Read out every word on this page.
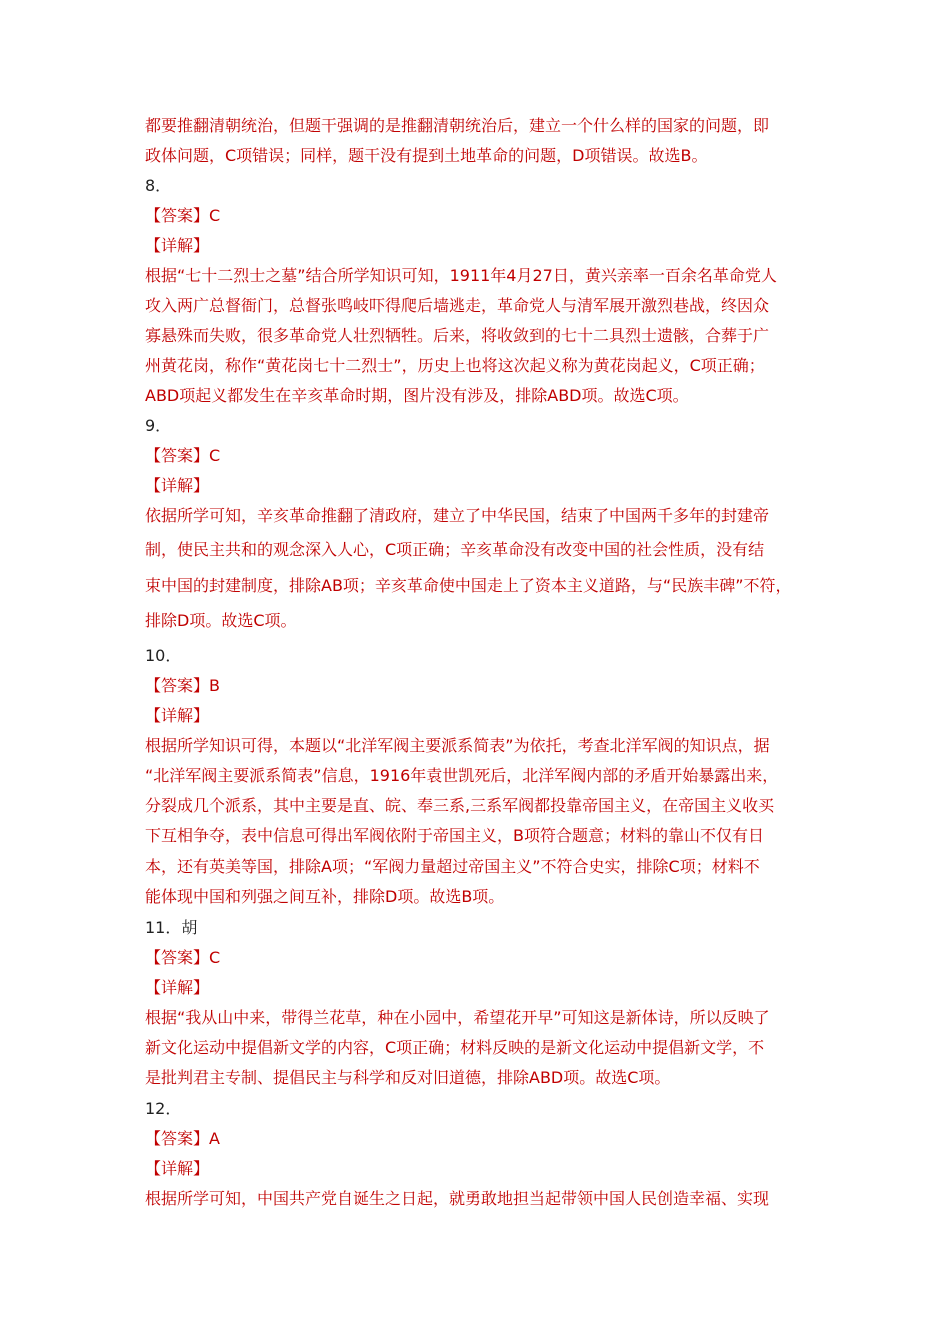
都要推翻清朝统治，但题干强调的是推翻清朝统治后，建立一个什么样的国家的问题，即
政体问题，C项错误；同样，题干没有提到土地革命的问题，D项错误。故选B。
8．
【答案】C
【详解】
根据“七十二烈士之墓”结合所学知识可知，1911年4月27日，黄兴亲率一百余名革命党人
攻入两广总督衙门，总督张鸣岐吓得爬后墙逃走，革命党人与清军展开激烈巷战，终因众
寡悬殊而失败，很多革命党人壮烈牺牲。后来，将收敛到的七十二具烈士遗骸，合葬于广
州黄花岗，称作“黄花岗七十二烈士”，历史上也将这次起义称为黄花岗起义，C项正确；
ABD项起义都发生在辛亥革命时期，图片没有涉及，排除ABD项。故选C项。
9．
【答案】C
【详解】
依据所学可知，辛亥革命推翻了清政府，建立了中华民国，结束了中国两千多年的封建帝
制，使民主共和的观念深入人心，C项正确；辛亥革命没有改变中国的社会性质，没有结
束中国的封建制度，排除AB项；辛亥革命使中国走上了资本主义道路，与“民族丰碑”不符，
排除D项。故选C项。
10．
【答案】B
【详解】
根据所学知识可得，本题以“北洋军阀主要派系简表”为依托，考查北洋军阀的知识点，据
“北洋军阀主要派系简表”信息，1916年袁世凯死后，北洋军阀内部的矛盾开始暴露出来，
分裂成几个派系，其中主要是直、皖、奉三系,三系军阀都投靠帝国主义，在帝国主义收买
下互相争夺，表中信息可得出军阀依附于帝国主义，B项符合题意；材料的靠山不仅有日
本，还有英美等国，排除A项；“军阀力量超过帝国主义”不符合史实，排除C项；材料不
能体现中国和列强之间互补，排除D项。故选B项。
11．胡
【答案】C
【详解】
根据“我从山中来，带得兰花草，种在小园中，希望花开早”可知这是新体诗，所以反映了
新文化运动中提倡新文学的内容，C项正确；材料反映的是新文化运动中提倡新文学，不
是批判君主专制、提倡民主与科学和反对旧道德，排除ABD项。故选C项。
12．
【答案】A
【详解】
根据所学可知，中国共产党自诞生之日起，就勇敢地担当起带领中国人民创造幸福、实现
